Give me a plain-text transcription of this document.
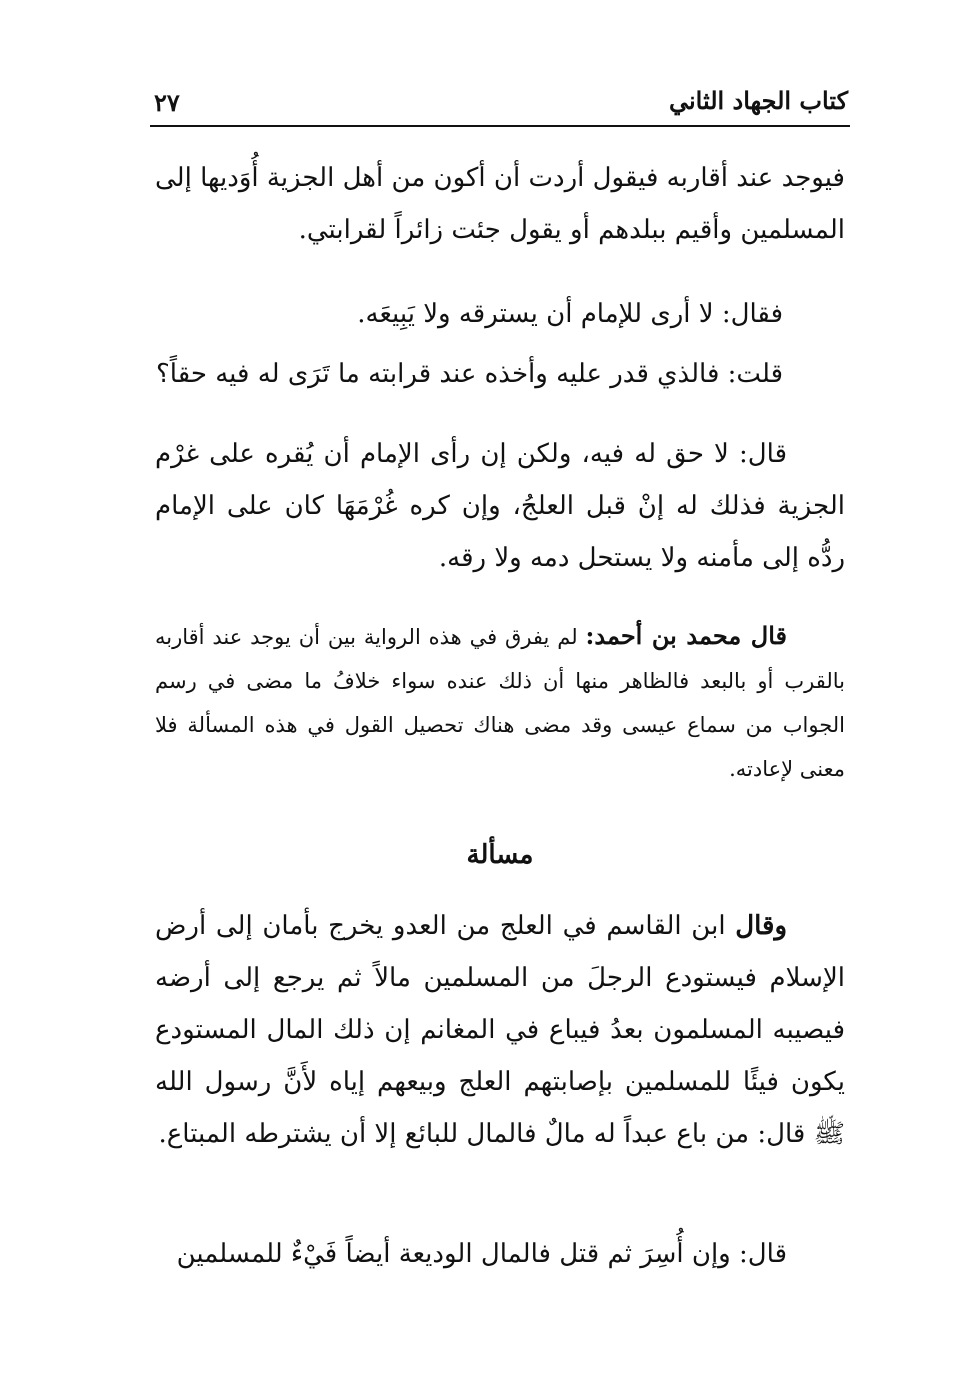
كتاب الجهاد الثاني
٢٧

فيوجد عند أقاربه فيقول أردت أن أكون من أهل الجزية أُوَديها إلى المسلمين وأقيم ببلدهم أو يقول جئت زائراً لقرابتي.

فقال: لا أرى للإمام أن يسترقه ولا يَبِيعَه.

قلت: فالذي قدر عليه وأخذه عند قرابته ما تَرَى له فيه حقاً؟

قال: لا حق له فيه، ولكن إن رأى الإمام أن يُقره على غرْم الجزية فذلك له إنْ قبل العلجُ، وإن كره غُرْمَهَا كان على الإمام ردُّه إلى مأمنه ولا يستحل دمه ولا رقه.

قال محمد بن أحمد: لم يفرق في هذه الرواية بين أن يوجد عند أقاربه بالقرب أو بالبعد فالظاهر منها أن ذلك عنده سواء خلافُ ما مضى في رسم الجواب من سماع عيسى وقد مضى هناك تحصيل القول في هذه المسألة فلا معنى لإعادته.

مسألة

وقال ابن القاسم في العلج من العدو يخرج بأمان إلى أرض الإسلام فيستودع الرجلَ من المسلمين مالاً ثم يرجع إلى أرضه فيصيبه المسلمون بعدُ فيباع في المغانم إن ذلك المال المستودع يكون فيئًا للمسلمين بإصابتهم العلج وبيعهم إياه لأَنَّ رسول الله ﷺ قال: من باع عبداً له مالٌ فالمال للبائع إلا أن يشترطه المبتاع.

قال: وإن أُسِرَ ثم قتل فالمال الوديعة أيضاً فَيْءٌ للمسلمين
